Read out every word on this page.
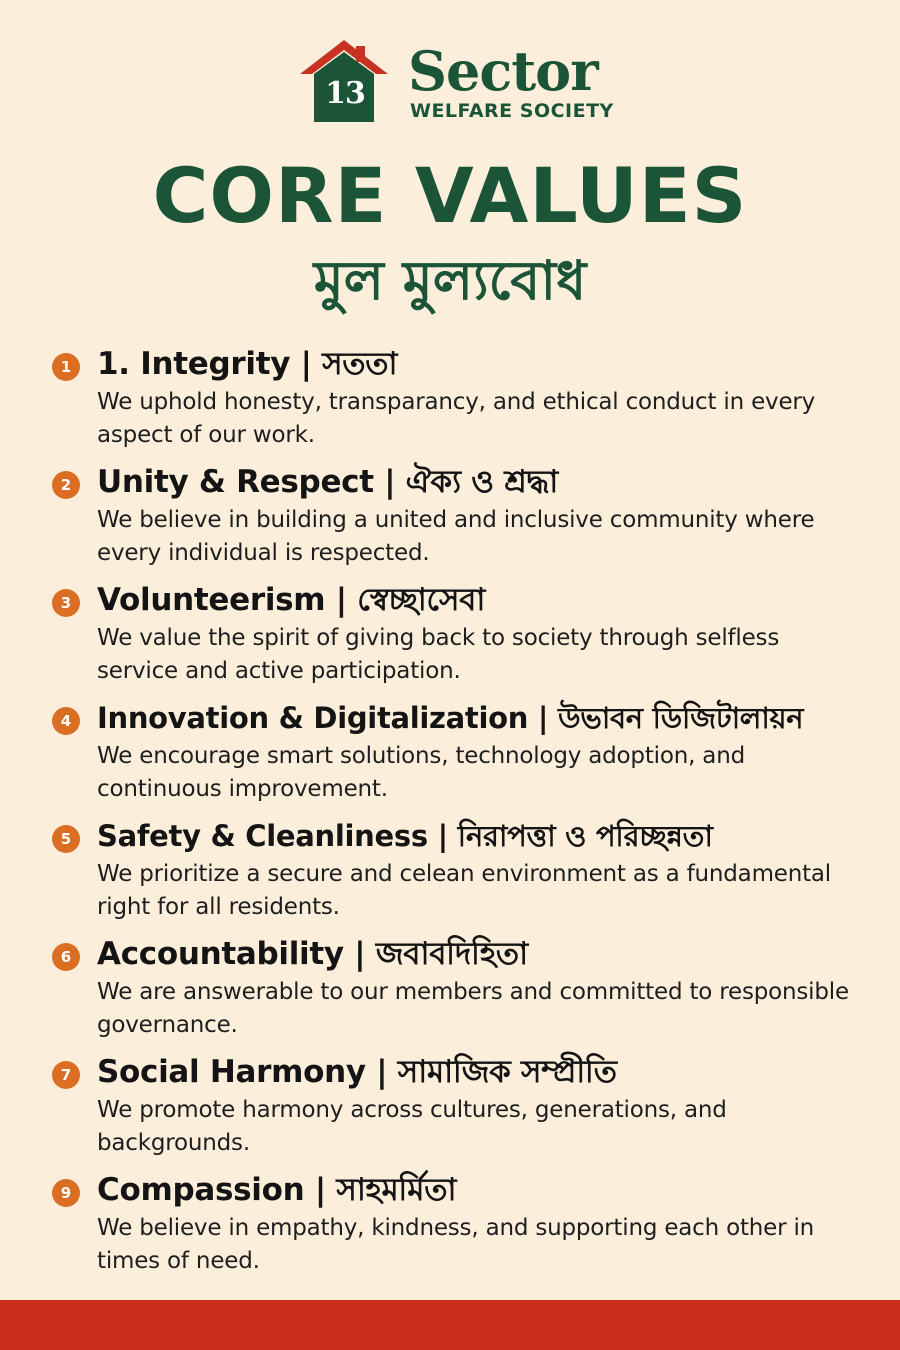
13 Sector
WELFARE SOCIETY
CORE VALUES
মুল মুল্যবোধ
1 1. Integrity | সততা
We uphold honesty, transparancy, and ethical conduct in every aspect of our work.
2 Unity & Respect | ঐক্য ও শ্রদ্ধা
We believe in building a united and inclusive community where every individual is respected.
3 Volunteerism | স্বেচ্ছাসেবা
We value the spirit of giving back to society through selfless service and active participation.
4 Innovation & Digitalization | উভাবন ডিজিটালায়ন
We encourage smart solutions, technology adoption, and continuous improvement.
5 Safety & Cleanliness | নিরাপত্তা ও পরিচ্ছন্নতা
We prioritize a secure and celean environment as a fundamental right for all residents.
6 Accountability | জবাবদিহিতা
We are answerable to our members and committed to responsible governance.
7 Social Harmony | সামাজিক সম্প্রীতি
We promote harmony across cultures, generations, and backgrounds.
9 Compassion | সাহমর্মিতা
We believe in empathy, kindness, and supporting each other in times of need.
